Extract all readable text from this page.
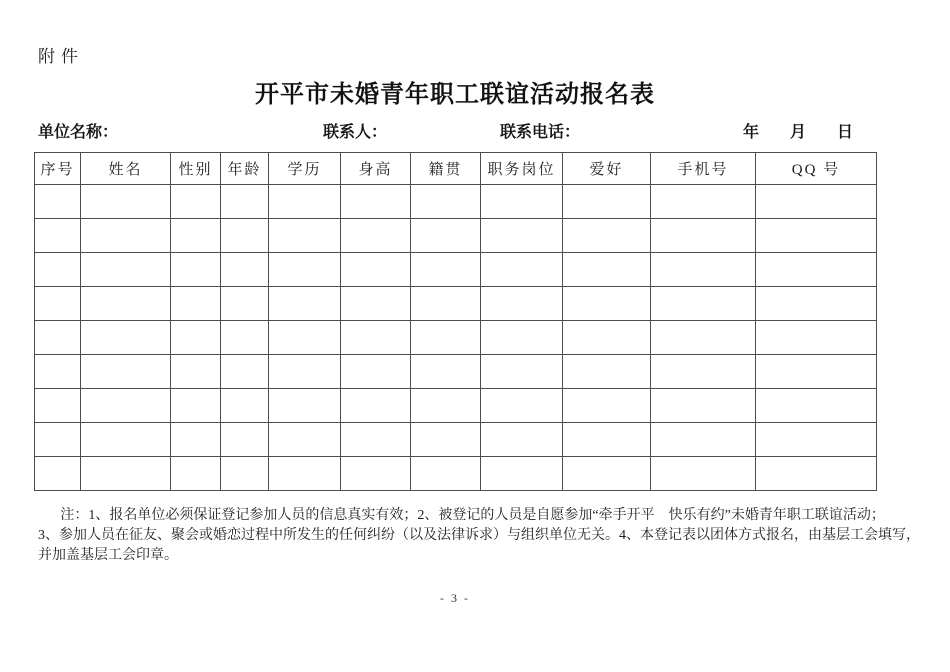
附件
开平市未婚青年职工联谊活动报名表
单位名称：	联系人：	联系电话：	年 月 日
序号	姓名	性别	年龄	学历	身高	籍贯	职务岗位	爱好	手机号	QQ 号

注：1、报名单位必须保证登记参加人员的信息真实有效；2、被登记的人员是自愿参加“牵手开平　快乐有约”未婚青年职工联谊活动；
3、参加人员在征友、聚会或婚恋过程中所发生的任何纠纷（以及法律诉求）与组织单位无关。4、本登记表以团体方式报名，由基层工会填写，
并加盖基层工会印章。
- 3 -
